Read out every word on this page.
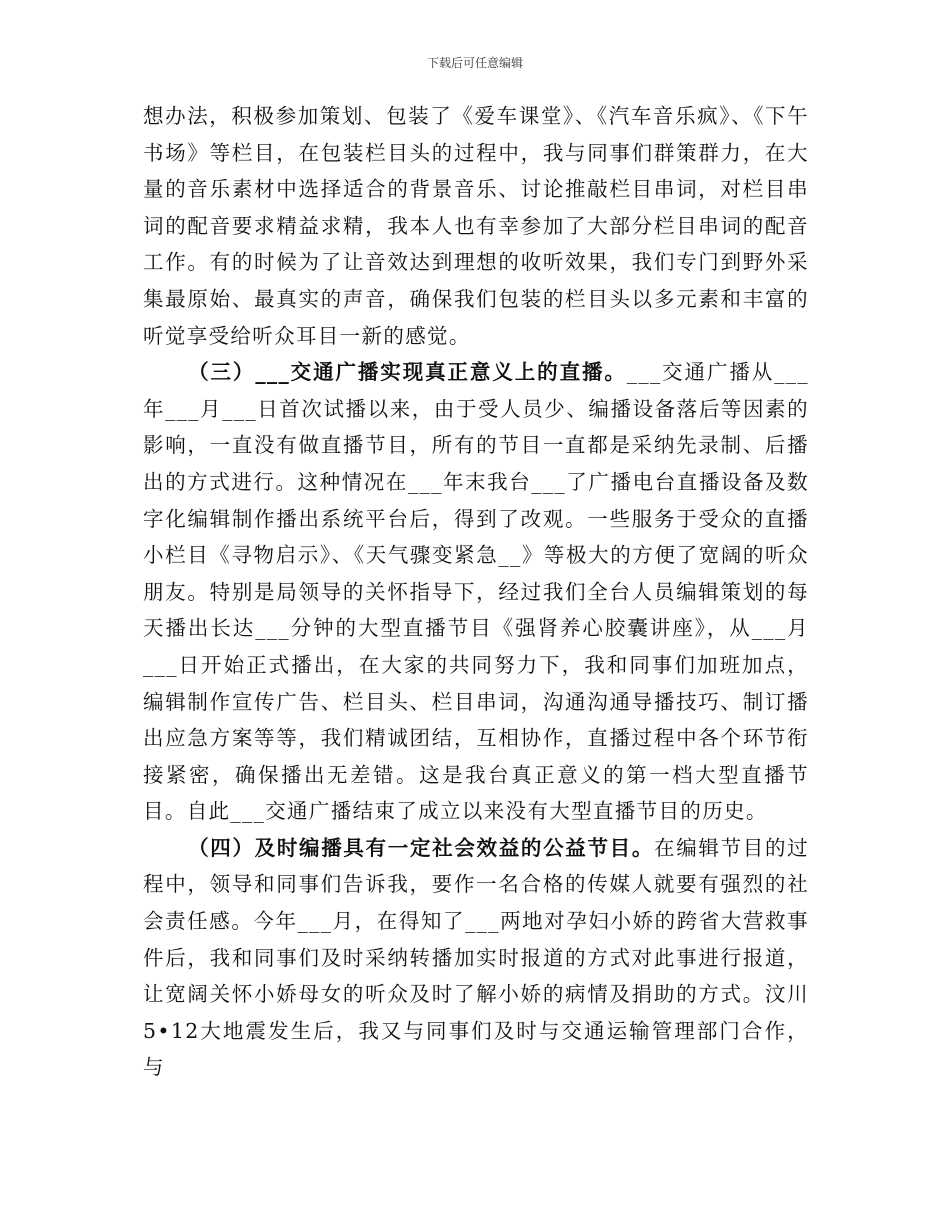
下载后可任意编辑

想办法，积极参加策划、包装了《爱车课堂》、《汽车音乐疯》、《下午书场》等栏目，在包装栏目头的过程中，我与同事们群策群力，在大量的音乐素材中选择适合的背景音乐、讨论推敲栏目串词，对栏目串词的配音要求精益求精，我本人也有幸参加了大部分栏目串词的配音工作。有的时候为了让音效达到理想的收听效果，我们专门到野外采集最原始、最真实的声音，确保我们包装的栏目头以多元素和丰富的听觉享受给听众耳目一新的感觉。

（三）___交通广播实现真正意义上的直播。___交通广播从___年___月___日首次试播以来，由于受人员少、编播设备落后等因素的影响，一直没有做直播节目，所有的节目一直都是采纳先录制、后播出的方式进行。这种情况在___年末我台___了广播电台直播设备及数字化编辑制作播出系统平台后，得到了改观。一些服务于受众的直播小栏目《寻物启示》、《天气骤变紧急__》等极大的方便了宽阔的听众朋友。特别是局领导的关怀指导下，经过我们全台人员编辑策划的每天播出长达___分钟的大型直播节目《强肾养心胶囊讲座》，从___月___日开始正式播出，在大家的共同努力下，我和同事们加班加点，编辑制作宣传广告、栏目头、栏目串词，沟通沟通导播技巧、制订播出应急方案等等，我们精诚团结，互相协作，直播过程中各个环节衔接紧密，确保播出无差错。这是我台真正意义的第一档大型直播节目。自此___交通广播结束了成立以来没有大型直播节目的历史。

（四）及时编播具有一定社会效益的公益节目。在编辑节目的过程中，领导和同事们告诉我，要作一名合格的传媒人就要有强烈的社会责任感。今年___月，在得知了___两地对孕妇小娇的跨省大营救事件后，我和同事们及时采纳转播加实时报道的方式对此事进行报道，让宽阔关怀小娇母女的听众及时了解小娇的病情及捐助的方式。汶川5•12大地震发生后，我又与同事们及时与交通运输管理部门合作，与
